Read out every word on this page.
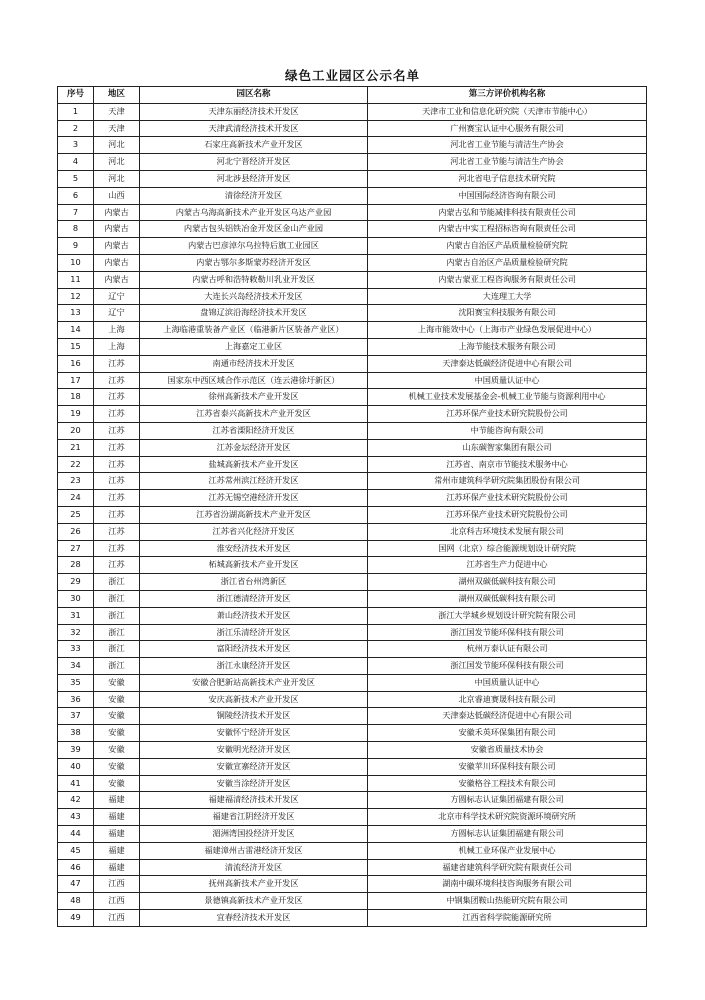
绿色工业园区公示名单
序号	地区	园区名称	第三方评价机构名称
1	天津	天津东丽经济技术开发区	天津市工业和信息化研究院（天津市节能中心）
2	天津	天津武清经济技术开发区	广州赛宝认证中心服务有限公司
3	河北	石家庄高新技术产业开发区	河北省工业节能与清洁生产协会
4	河北	河北宁晋经济开发区	河北省工业节能与清洁生产协会
5	河北	河北涉县经济开发区	河北省电子信息技术研究院
6	山西	清徐经济开发区	中国国际经济咨询有限公司
7	内蒙古	内蒙古乌海高新技术产业开发区乌达产业园	内蒙古弘和节能减排科技有限责任公司
8	内蒙古	内蒙古包头铝铁冶金开发区金山产业园	内蒙古中实工程招标咨询有限责任公司
9	内蒙古	内蒙古巴彦淖尔乌拉特后旗工业园区	内蒙古自治区产品质量检验研究院
10	内蒙古	内蒙古鄂尔多斯蒙苏经济开发区	内蒙古自治区产品质量检验研究院
11	内蒙古	内蒙古呼和浩特敕勒川乳业开发区	内蒙古蒙亚工程咨询服务有限责任公司
12	辽宁	大连长兴岛经济技术开发区	大连理工大学
13	辽宁	盘锦辽滨沿海经济技术开发区	沈阳赛宝科技服务有限公司
14	上海	上海临港重装备产业区（临港新片区装备产业区）	上海市能效中心（上海市产业绿色发展促进中心）
15	上海	上海嘉定工业区	上海节能技术服务有限公司
16	江苏	南通市经济技术开发区	天津泰达低碳经济促进中心有限公司
17	江苏	国家东中西区域合作示范区（连云港徐圩新区）	中国质量认证中心
18	江苏	徐州高新技术产业开发区	机械工业技术发展基金会-机械工业节能与资源利用中心
19	江苏	江苏省泰兴高新技术产业开发区	江苏环保产业技术研究院股份公司
20	江苏	江苏省溧阳经济开发区	中节能咨询有限公司
21	江苏	江苏金坛经济开发区	山东碳智家集团有限公司
22	江苏	盐城高新技术产业开发区	江苏省、南京市节能技术服务中心
23	江苏	江苏常州滨江经济开发区	常州市建筑科学研究院集团股份有限公司
24	江苏	江苏无锡空港经济开发区	江苏环保产业技术研究院股份公司
25	江苏	江苏省汾湖高新技术产业开发区	江苏环保产业技术研究院股份公司
26	江苏	江苏省兴化经济开发区	北京科吉环境技术发展有限公司
27	江苏	淮安经济技术开发区	国网（北京）综合能源规划设计研究院
28	江苏	柘城高新技术产业开发区	江苏省生产力促进中心
29	浙江	浙江省台州湾新区	湖州双碳低碳科技有限公司
30	浙江	浙江德清经济开发区	湖州双碳低碳科技有限公司
31	浙江	萧山经济技术开发区	浙江大学城乡规划设计研究院有限公司
32	浙江	浙江乐清经济开发区	浙江国发节能环保科技有限公司
33	浙江	富阳经济技术开发区	杭州万泰认证有限公司
34	浙江	浙江永康经济开发区	浙江国发节能环保科技有限公司
35	安徽	安徽合肥新站高新技术产业开发区	中国质量认证中心
36	安徽	安庆高新技术产业开发区	北京睿迪赛晟科技有限公司
37	安徽	铜陵经济技术开发区	天津泰达低碳经济促进中心有限公司
38	安徽	安徽怀宁经济开发区	安徽禾英环保集团有限公司
39	安徽	安徽明光经济开发区	安徽省质量技术协会
40	安徽	安徽宣寨经济开发区	安徽苹川环保科技有限公司
41	安徽	安徽当涂经济开发区	安徽格谷工程技术有限公司
42	福建	福建福清经济技术开发区	方圆标志认证集团福建有限公司
43	福建	福建省江阴经济开发区	北京市科学技术研究院资源环境研究所
44	福建	湄洲湾国投经济开发区	方圆标志认证集团福建有限公司
45	福建	福建漳州古雷港经济开发区	机械工业环保产业发展中心
46	福建	清流经济开发区	福建省建筑科学研究院有限责任公司
47	江西	抚州高新技术产业开发区	湖南中碳环境科技咨询服务有限公司
48	江西	景德镇高新技术产业开发区	中钢集团鞍山热能研究院有限公司
49	江西	宜春经济技术开发区	江西省科学院能源研究所
